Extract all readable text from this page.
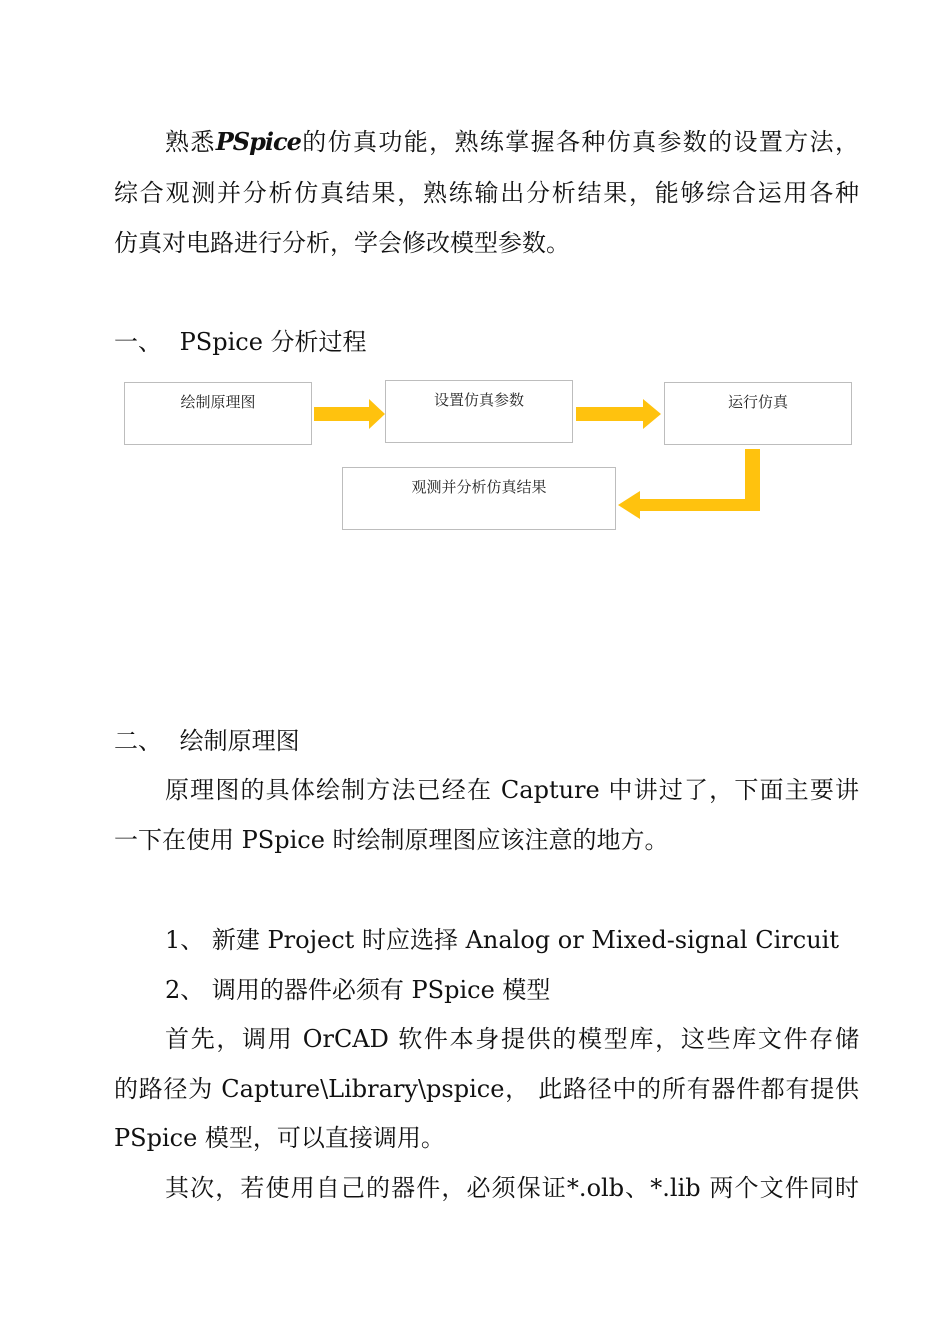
熟悉PSpice的仿真功能，熟练掌握各种仿真参数的设置方法，
综合观测并分析仿真结果，熟练输出分析结果，能够综合运用各种
仿真对电路进行分析，学会修改模型参数。
一、 PSpice 分析过程
绘制原理图	设置仿真参数	运行仿真
观测并分析仿真结果
二、 绘制原理图
原理图的具体绘制方法已经在 Capture 中讲过了，下面主要讲
一下在使用 PSpice 时绘制原理图应该注意的地方。
1、 新建 Project 时应选择 Analog or Mixed-signal Circuit
2、 调用的器件必须有 PSpice 模型
首先，调用 OrCAD 软件本身提供的模型库，这些库文件存储
的路径为 Capture\Library\pspice， 此路径中的所有器件都有提供
PSpice 模型，可以直接调用。
其次，若使用自己的器件，必须保证*.olb、*.lib 两个文件同时
